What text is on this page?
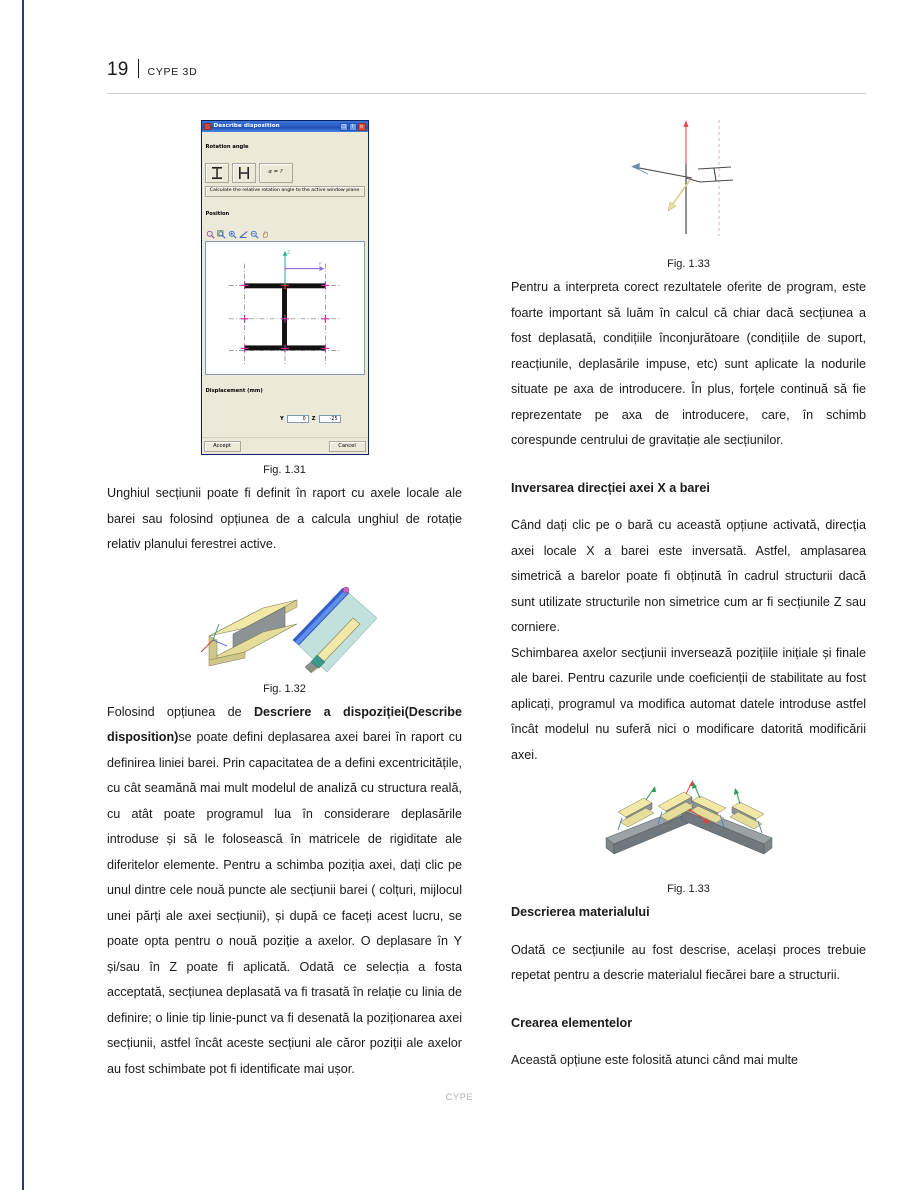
19 CYPE 3D
Describe disposition	❐	?	×
Rotation angle
α = ?
Calculate the relative rotation angle to the active window plane
Position
Z
Y
Displacement (mm)
Y	0	Z	-25
Accept	Cancel
Fig. 1.31

Unghiul secțiunii poate fi definit în raport cu axele locale ale barei sau folosind opțiunea de a calcula unghiul de rotație relativ planului ferestrei active.

Fig. 1.32

Folosind opțiunea de Descriere a dispoziției(Describe disposition)se poate defini deplasarea axei barei în raport cu definirea liniei barei. Prin capacitatea de a defini excentricitățile, cu cât seamănă mai mult modelul de analiză cu structura reală, cu atât poate programul lua în considerare deplasările introduse și să le folosească în matricele de rigiditate ale diferitelor elemente. Pentru a schimba poziția axei, dați clic pe unul dintre cele nouă puncte ale secțiunii barei ( colțuri, mijlocul unei părți ale axei secțiunii), și după ce faceți acest lucru, se poate opta pentru o nouă poziție a axelor. O deplasare în Y și/sau în Z poate fi aplicată. Odată ce selecția a fosta acceptată, secțiunea deplasată va fi trasată în relație cu linia de definire; o linie tip linie-punct va fi desenată la poziționarea axei secțiunii, astfel încât aceste secțiuni ale căror poziții ale axelor au fost schimbate pot fi identificate mai ușor.

Fig. 1.33

Pentru a interpreta corect rezultatele oferite de program, este foarte important să luăm în calcul că chiar dacă secțiunea a fost deplasată, condițiile înconjurătoare (condițiile de suport, reacțiunile, deplasările impuse, etc) sunt aplicate la nodurile situate pe axa de introducere. În plus, forțele continuă să fie reprezentate pe axa de introducere, care, în schimb corespunde centrului de gravitație ale secțiunilor.

Inversarea direcției axei X a barei

Când dați clic pe o bară cu această opțiune activată, direcția axei locale X a barei este inversată. Astfel, amplasarea simetrică a barelor poate fi obținută în cadrul structurii dacă sunt utilizate structurile non simetrice cum ar fi secțiunile Z sau corniere.

Schimbarea axelor secțiunii inversează pozițiile inițiale și finale ale barei. Pentru cazurile unde coeficienții de stabilitate au fost aplicați, programul va modifica automat datele introduse astfel încât modelul nu suferă nici o modificare datorită modificării axei.

Fig. 1.33
Descrierea materialului

Odată ce secțiunile au fost descrise, același proces trebuie repetat pentru a descrie materialul fiecărei bare a structurii.

Crearea elementelor

Această opțiune este folosită atunci când mai multe

CYPE
